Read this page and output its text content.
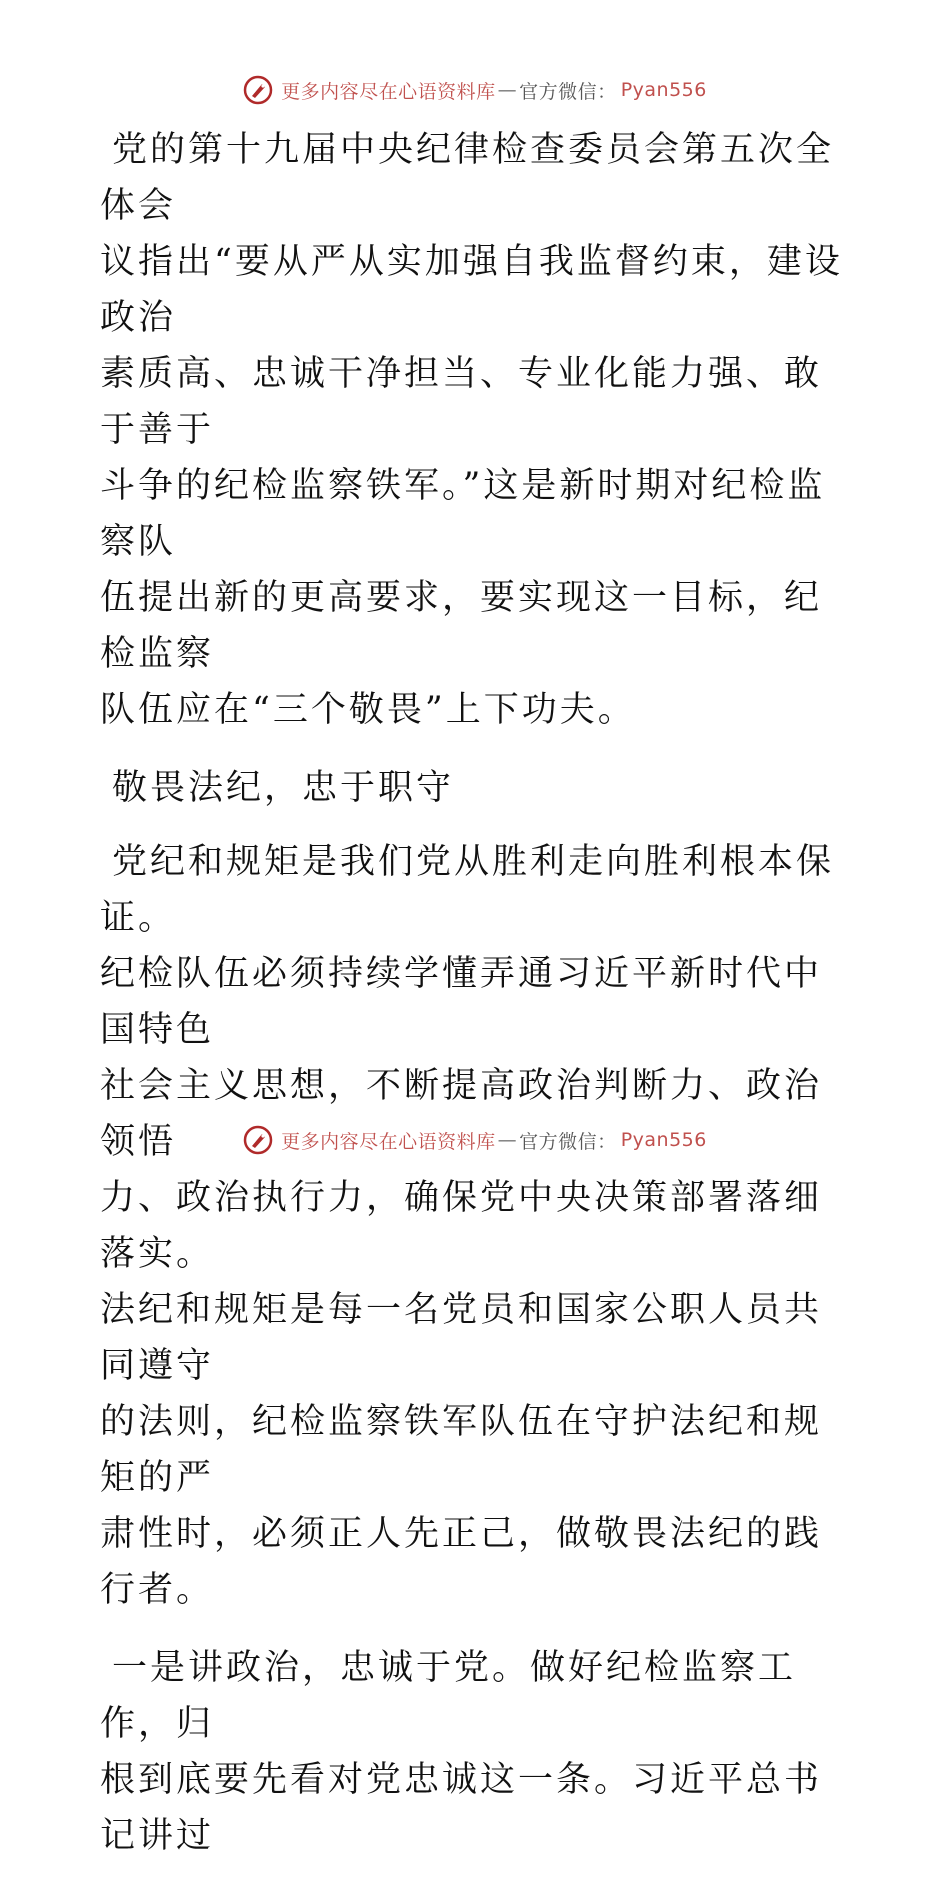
更多内容尽在心语资料库 — 官方微信： Pyan556

党的第十九届中央纪律检查委员会第五次全体会
议指出“要从严从实加强自我监督约束，建设政治
素质高、忠诚干净担当、专业化能力强、敢于善于
斗争的纪检监察铁军。”这是新时期对纪检监察队
伍提出新的更高要求，要实现这一目标，纪检监察
队伍应在“三个敬畏”上下功夫。

敬畏法纪，忠于职守

党纪和规矩是我们党从胜利走向胜利根本保证。
纪检队伍必须持续学懂弄通习近平新时代中国特色
社会主义思想，不断提高政治判断力、政治领悟
力、政治执行力，确保党中央决策部署落细落实。
法纪和规矩是每一名党员和国家公职人员共同遵守
的法则，纪检监察铁军队伍在守护法纪和规矩的严
肃性时，必须正人先正己，做敬畏法纪的践行者。

一是讲政治，忠诚于党。做好纪检监察工作，归
根到底要先看对党忠诚这一条。习近平总书记讲过

更多内容尽在心语资料库 — 官方微信： Pyan556
